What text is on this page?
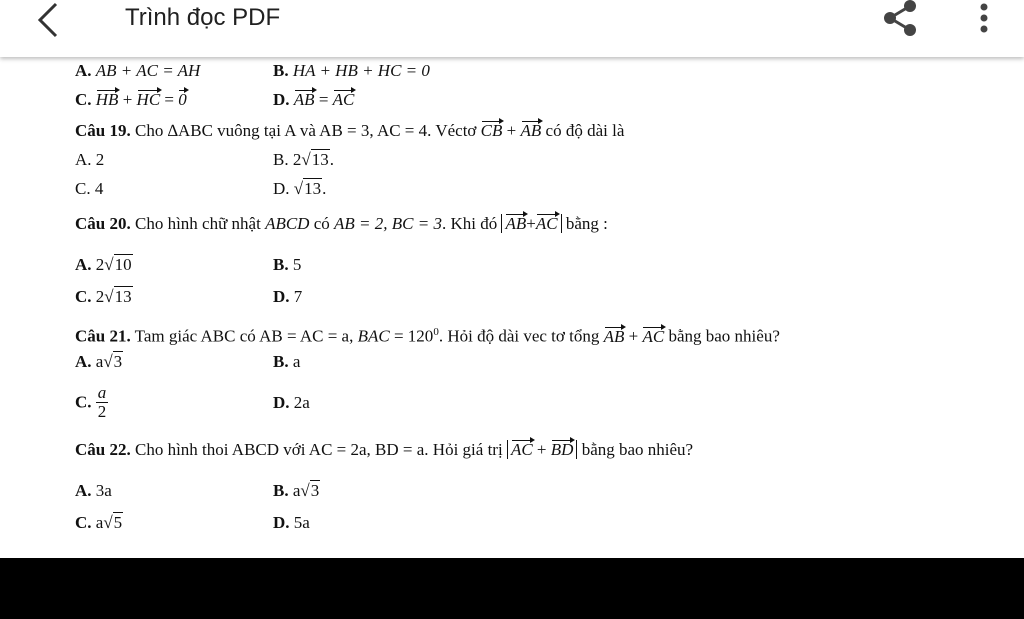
Trình đọc PDF
A. AB + AC = AH	B. HA + HB + HC = 0
C. HB + HC = 0	D. AB = AC
Câu 19. Cho ∆ABC vuông tại A và AB = 3, AC = 4. Véctơ CB + AB có độ dài là
A. 2	B. 2√13.
C. 4	D. √13.
Câu 20. Cho hình chữ nhật ABCD có AB = 2, BC = 3. Khi đó AB+AC bằng :
A. 2√10	B. 5
C. 2√13	D. 7
Câu 21. Tam giác ABC có AB = AC = a, BAC = $120^0$. Hỏi độ dài vec tơ tổng AB + AC bằng bao nhiêu?
A. a√3	B. a
C. $\frac{a}{2}$	D. 2a
Câu 22. Cho hình thoi ABCD với AC = 2a, BD = a. Hỏi giá trị AC + BD bằng bao nhiêu?
A. 3a	B. a√3
C. a√5	D. 5a
